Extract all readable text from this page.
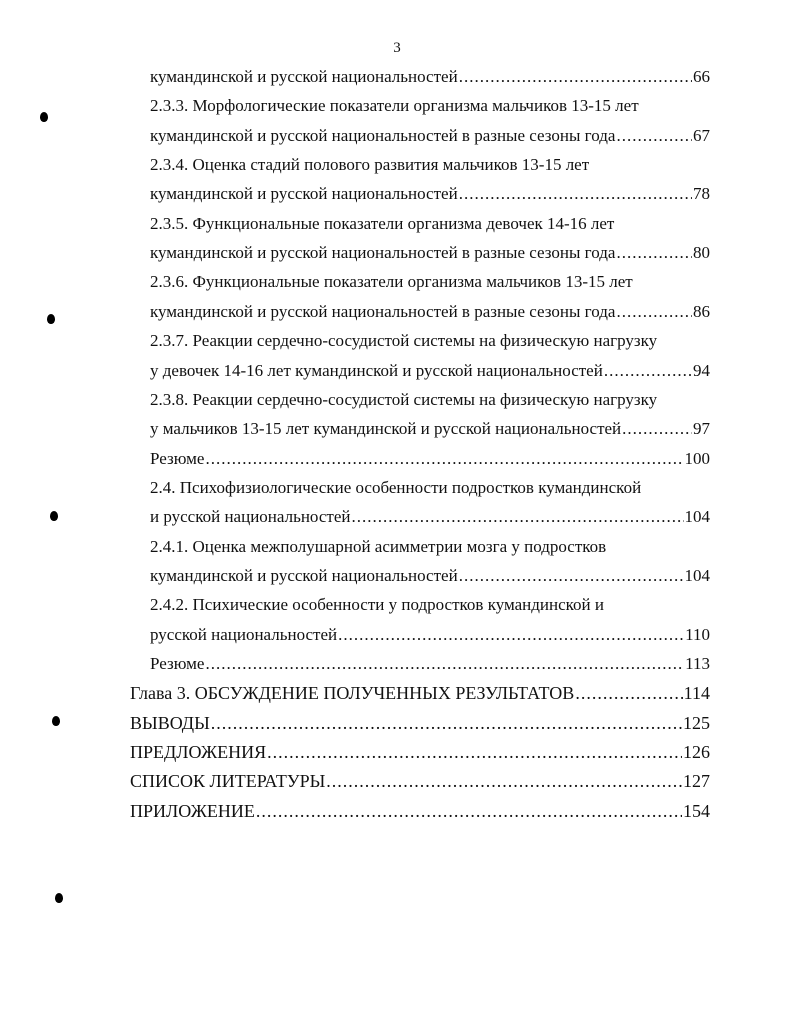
3
кумандинской и русской национальностей .....	66
2.3.3. Морфологические показатели организма мальчиков 13-15 лет
кумандинской и русской национальностей в разные сезоны года .....	67
2.3.4. Оценка стадий полового развития мальчиков 13-15 лет
кумандинской и русской национальностей .....	78
2.3.5. Функциональные показатели организма девочек 14-16 лет
кумандинской и русской национальностей в разные сезоны года .....	80
2.3.6. Функциональные показатели организма мальчиков 13-15 лет
кумандинской и русской национальностей в разные сезоны года .....	86
2.3.7. Реакции сердечно-сосудистой системы на физическую нагрузку
у девочек 14-16 лет кумандинской и русской национальностей .....	94
2.3.8. Реакции сердечно-сосудистой системы на физическую нагрузку
у мальчиков 13-15 лет кумандинской и русской национальностей .....	97
Резюме .....	100
2.4. Психофизиологические особенности подростков кумандинской
и русской национальностей .....	104
2.4.1. Оценка межполушарной асимметрии мозга у подростков
кумандинской и русской национальностей .....	104
2.4.2. Психические особенности у подростков кумандинской и
русской национальностей .....	110
Резюме .....	113
Глава 3. ОБСУЖДЕНИЕ ПОЛУЧЕННЫХ РЕЗУЛЬТАТОВ .....	114
ВЫВОДЫ .....	125
ПРЕДЛОЖЕНИЯ .....	126
СПИСОК ЛИТЕРАТУРЫ .....	127
ПРИЛОЖЕНИЕ .....	154
